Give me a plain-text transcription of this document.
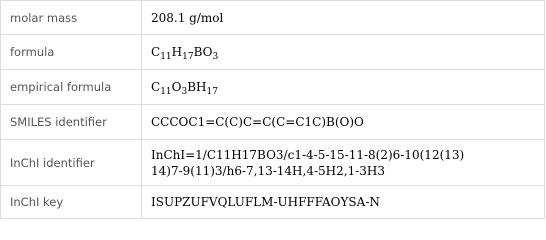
molar mass	208.1 g/mol
formula	$C_{11}H_{17}BO_3$
empirical formula	$C_{11}O_3BH_{17}$
SMILES identifier	CCCOC1=C(C)C=C(C=C1C)B(O)O
InChI identifier	InChI=1/C11H17BO3/c1-4-5-15-11-8(2)6-10(12(13)
14)7-9(11)3/h6-7,13-14H,4-5H2,1-3H3

InChI key	ISUPZUFVQLUFLM-UHFFFAOYSA-N
